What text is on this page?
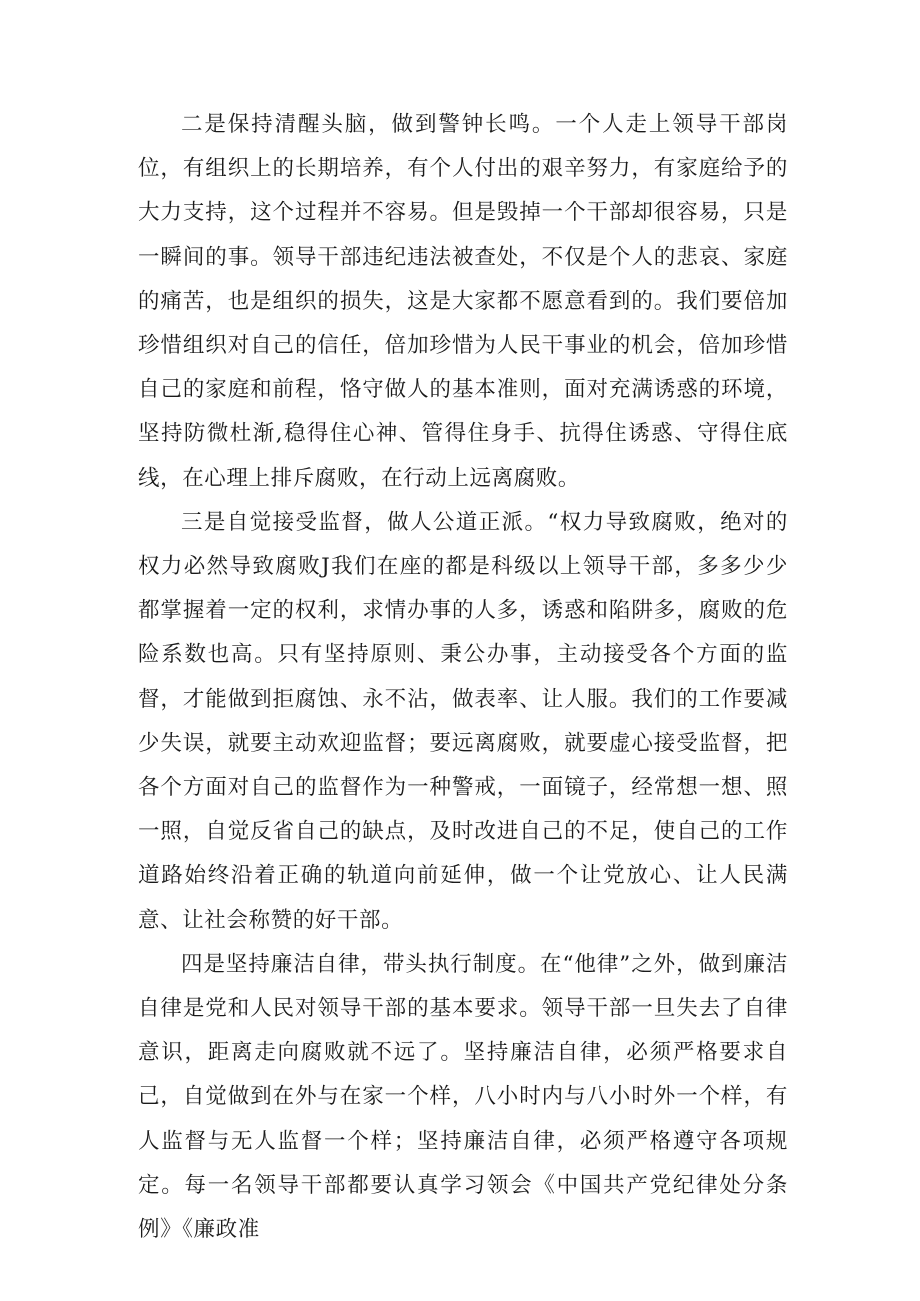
二是保持清醒头脑，做到警钟长鸣。一个人走上领导干部岗位，有组织上的长期培养，有个人付出的艰辛努力，有家庭给予的大力支持，这个过程并不容易。但是毁掉一个干部却很容易，只是一瞬间的事。领导干部违纪违法被查处，不仅是个人的悲哀、家庭的痛苦，也是组织的损失，这是大家都不愿意看到的。我们要倍加珍惜组织对自己的信任，倍加珍惜为人民干事业的机会，倍加珍惜自己的家庭和前程，恪守做人的基本准则，面对充满诱惑的环境，坚持防微杜渐,稳得住心神、管得住身手、抗得住诱惑、守得住底线，在心理上排斥腐败，在行动上远离腐败。

三是自觉接受监督，做人公道正派。“权力导致腐败，绝对的权力必然导致腐败J我们在座的都是科级以上领导干部，多多少少都掌握着一定的权利，求情办事的人多，诱惑和陷阱多，腐败的危险系数也高。只有坚持原则、秉公办事，主动接受各个方面的监督，才能做到拒腐蚀、永不沾，做表率、让人服。我们的工作要减少失误，就要主动欢迎监督；要远离腐败，就要虚心接受监督，把各个方面对自己的监督作为一种警戒，一面镜子，经常想一想、照一照，自觉反省自己的缺点，及时改进自己的不足，使自己的工作道路始终沿着正确的轨道向前延伸，做一个让党放心、让人民满意、让社会称赞的好干部。

四是坚持廉洁自律，带头执行制度。在“他律”之外，做到廉洁自律是党和人民对领导干部的基本要求。领导干部一旦失去了自律意识，距离走向腐败就不远了。坚持廉洁自律，必须严格要求自己，自觉做到在外与在家一个样，八小时内与八小时外一个样，有人监督与无人监督一个样；坚持廉洁自律，必须严格遵守各项规定。每一名领导干部都要认真学习领会《中国共产党纪律处分条例》《廉政准
